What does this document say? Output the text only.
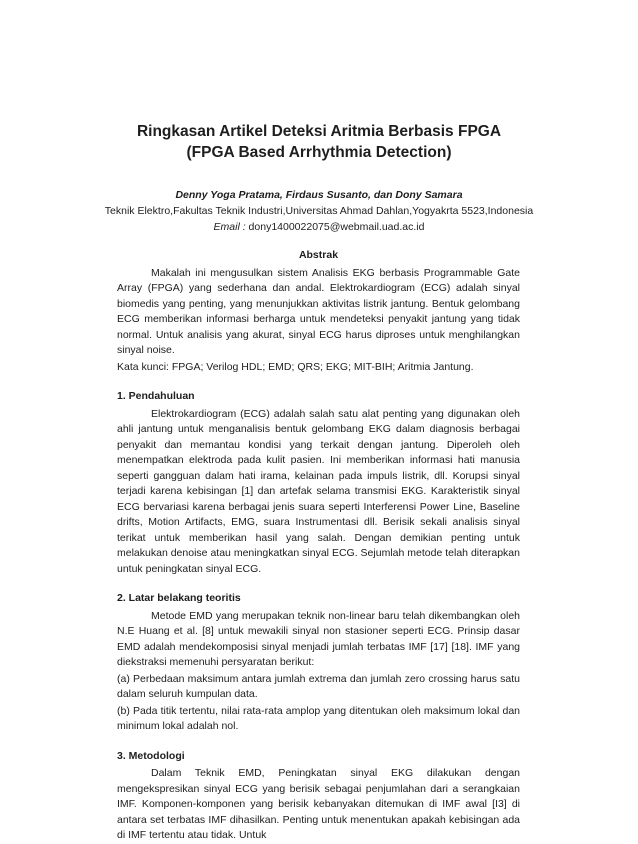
Ringkasan Artikel Deteksi Aritmia Berbasis FPGA
(FPGA Based Arrhythmia Detection)
Denny Yoga Pratama, Firdaus Susanto, dan Dony Samara
Teknik Elektro,Fakultas Teknik Industri,Universitas Ahmad Dahlan,Yogyakrta 5523,Indonesia
Email : dony1400022075@webmail.uad.ac.id

Abstrak

Makalah ini mengusulkan sistem Analisis EKG berbasis Programmable Gate Array (FPGA) yang sederhana dan andal. Elektrokardiogram (ECG) adalah sinyal biomedis yang penting, yang menunjukkan aktivitas listrik jantung. Bentuk gelombang ECG memberikan informasi berharga untuk mendeteksi penyakit jantung yang tidak normal. Untuk analisis yang akurat, sinyal ECG harus diproses untuk menghilangkan sinyal noise.

Kata kunci: FPGA; Verilog HDL; EMD; QRS; EKG; MIT-BIH; Aritmia Jantung.

1. Pendahuluan

Elektrokardiogram (ECG) adalah salah satu alat penting yang digunakan oleh ahli jantung untuk menganalisis bentuk gelombang EKG dalam diagnosis berbagai penyakit dan memantau kondisi yang terkait dengan jantung. Diperoleh oleh menempatkan elektroda pada kulit pasien. Ini memberikan informasi hati manusia seperti gangguan dalam hati irama, kelainan pada impuls listrik, dll. Korupsi sinyal terjadi karena kebisingan [1] dan artefak selama transmisi EKG. Karakteristik sinyal ECG bervariasi karena berbagai jenis suara seperti Interferensi Power Line, Baseline drifts, Motion Artifacts, EMG, suara Instrumentasi dll. Berisik sekali analisis sinyal terikat untuk memberikan hasil yang salah. Dengan demikian penting untuk melakukan denoise atau meningkatkan sinyal ECG. Sejumlah metode telah diterapkan untuk peningkatan sinyal ECG.

2. Latar belakang teoritis

Metode EMD yang merupakan teknik non-linear baru telah dikembangkan oleh N.E Huang et al. [8] untuk mewakili sinyal non stasioner seperti ECG. Prinsip dasar EMD adalah mendekomposisi sinyal menjadi jumlah terbatas IMF [17] [18]. IMF yang diekstraksi memenuhi persyaratan berikut:

(a) Perbedaan maksimum antara jumlah extrema dan jumlah zero crossing harus satu dalam seluruh kumpulan data.

(b) Pada titik tertentu, nilai rata-rata amplop yang ditentukan oleh maksimum lokal dan minimum lokal adalah nol.

3. Metodologi

Dalam Teknik EMD, Peningkatan sinyal EKG dilakukan dengan mengekspresikan sinyal ECG yang berisik sebagai penjumlahan dari a serangkaian IMF. Komponen-komponen yang berisik kebanyakan ditemukan di IMF awal [I3] di antara set terbatas IMF dihasilkan. Penting untuk menentukan apakah kebisingan ada di IMF tertentu atau tidak. Untuk
